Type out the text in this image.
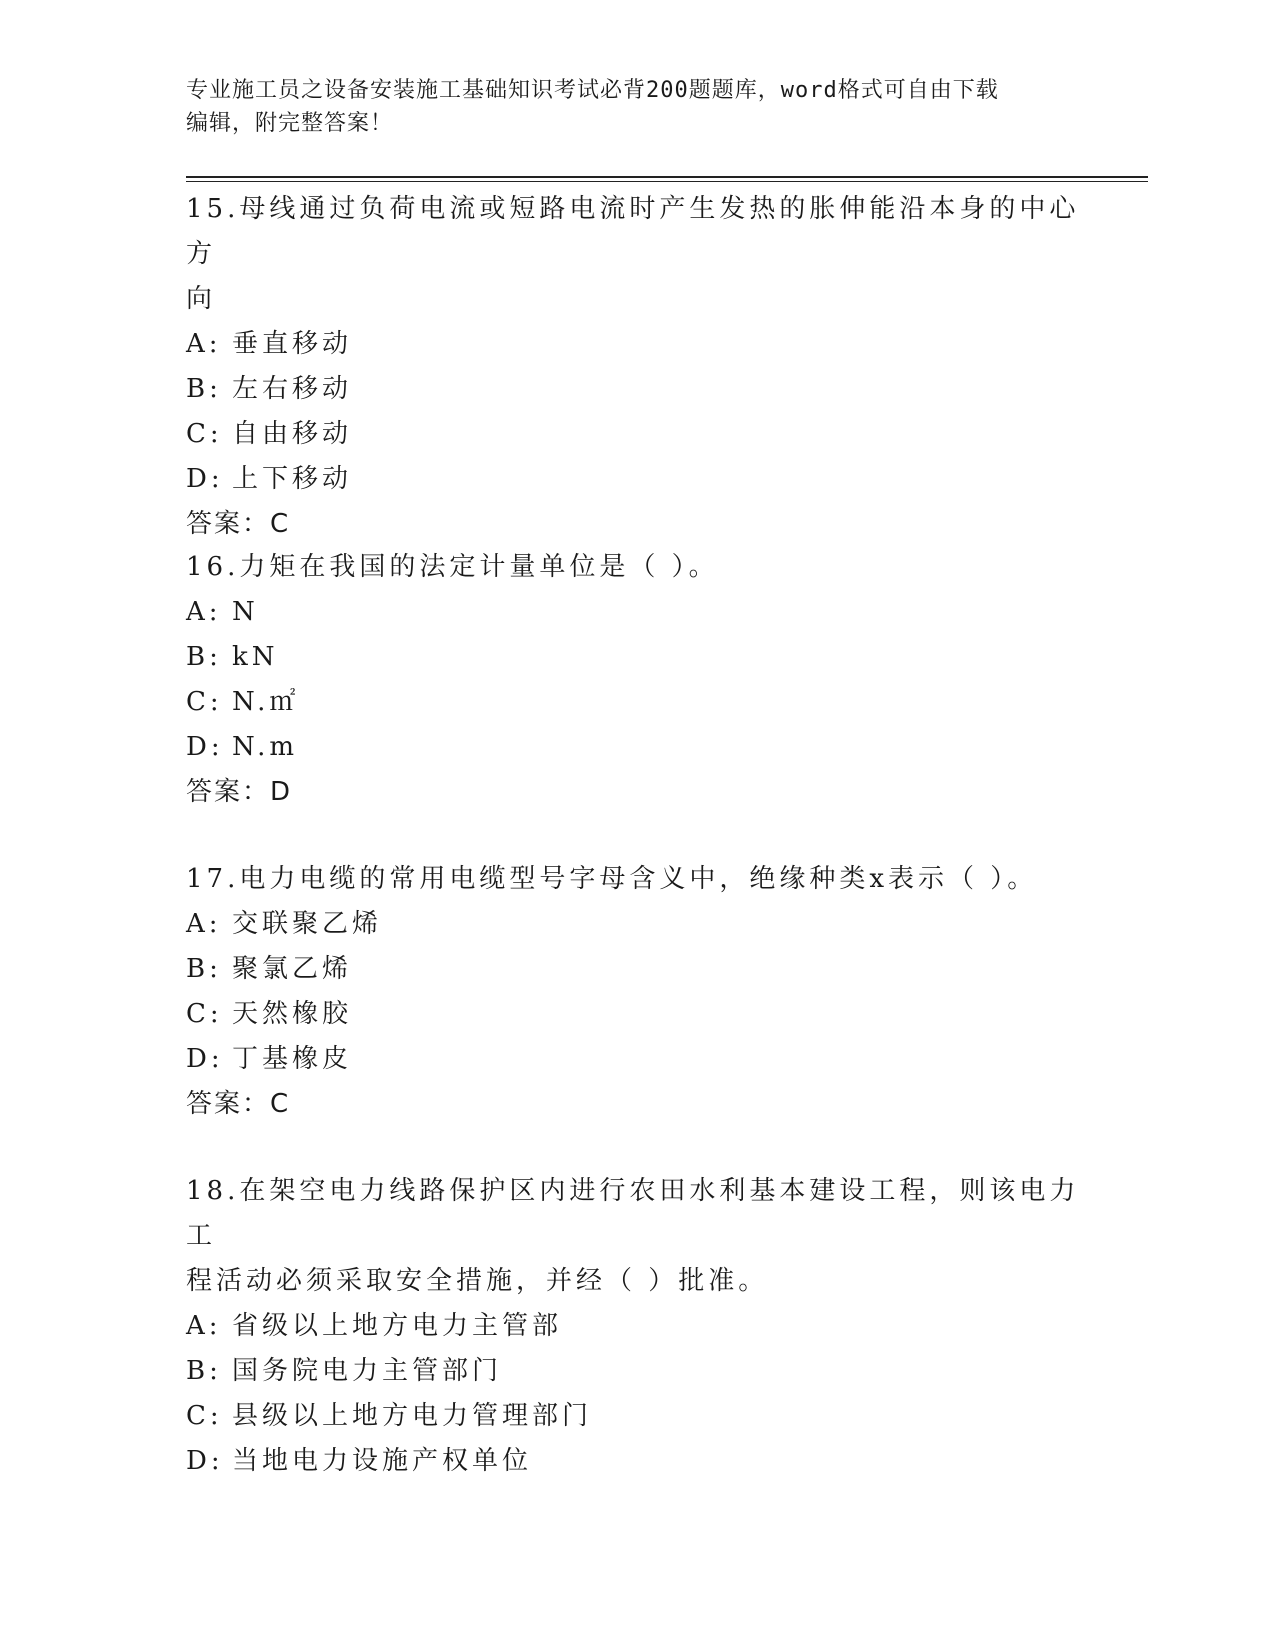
专业施工员之设备安装施工基础知识考试必背200题题库，word格式可自由下载
编辑，附完整答案！
15.母线通过负荷电流或短路电流时产生发热的胀伸能沿本身的中心方
向
A: 垂直移动
B: 左右移动
C: 自由移动
D: 上下移动
答案：C
16.力矩在我国的法定计量单位是（ ）。
A: N
B: kN
C: N.㎡
D: N.m
答案：D
17.电力电缆的常用电缆型号字母含义中，绝缘种类x表示（ ）。
A: 交联聚乙烯
B: 聚氯乙烯
C: 天然橡胶
D: 丁基橡皮
答案：C
18.在架空电力线路保护区内进行农田水利基本建设工程，则该电力工
程活动必须采取安全措施，并经（ ）批准。
A: 省级以上地方电力主管部
B: 国务院电力主管部门
C: 县级以上地方电力管理部门
D: 当地电力设施产权单位
